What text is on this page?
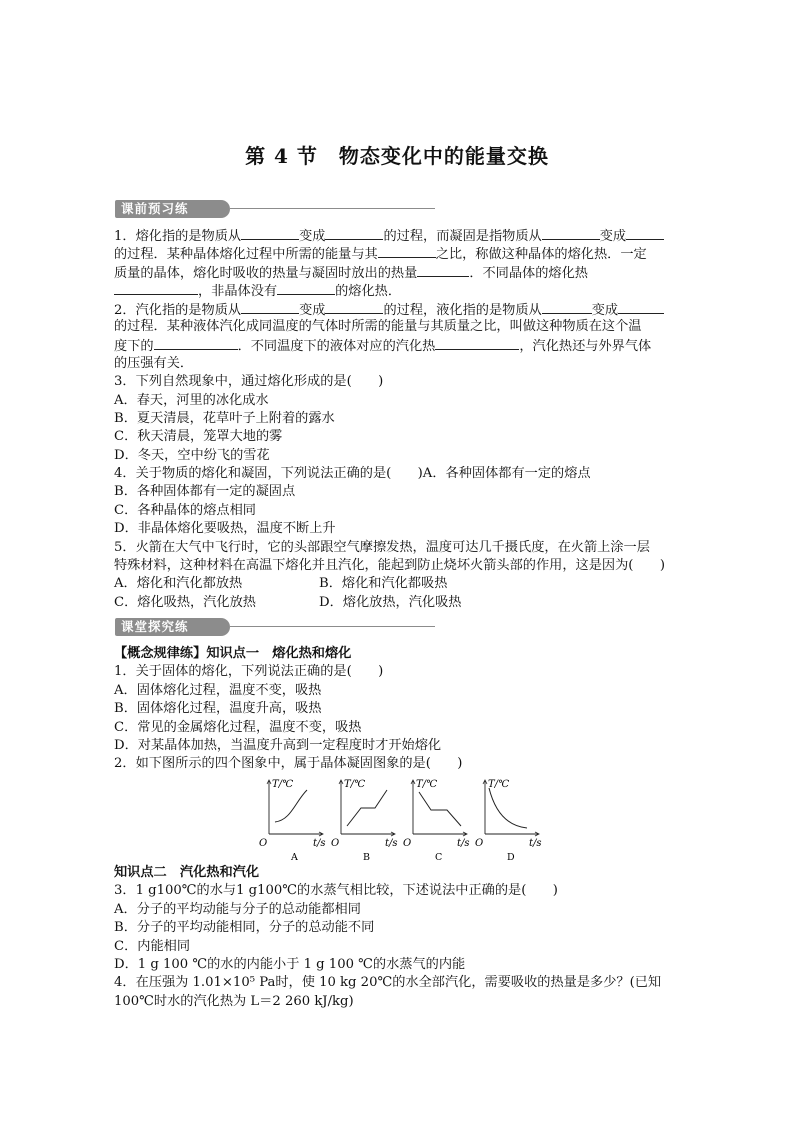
第 4 节　物态变化中的能量交换
课前预习练
1．熔化指的是物质从	变成	的过程，而凝固是指物质从	变成
的过程．某种晶体熔化过程中所需的能量与其	之比，称做这种晶体的熔化热．一定
质量的晶体，熔化时吸收的热量与凝固时放出的热量	．不同晶体的熔化热
，非晶体没有	的熔化热．
2．汽化指的是物质从	变成	的过程，液化指的是物质从	变成
的过程．某种液体汽化成同温度的气体时所需的能量与其质量之比，叫做这种物质在这个温
度下的	．不同温度下的液体对应的汽化热	，汽化热还与外界气体
的压强有关．
3．下列自然现象中，通过熔化形成的是(　　)
A．春天，河里的冰化成水
B．夏天清晨，花草叶子上附着的露水
C．秋天清晨，笼罩大地的雾
D．冬天，空中纷飞的雪花
4．关于物质的熔化和凝固，下列说法正确的是(　　)A．各种固体都有一定的熔点
B．各种固体都有一定的凝固点
C．各种晶体的熔点相同
D．非晶体熔化要吸热，温度不断上升
5．火箭在大气中飞行时，它的头部跟空气摩擦发热，温度可达几千摄氏度，在火箭上涂一层
特殊材料，这种材料在高温下熔化并且汽化，能起到防止烧坏火箭头部的作用，这是因为(　　)
A．熔化和汽化都放热	B．熔化和汽化都吸热
C．熔化吸热，汽化放热	D．熔化放热，汽化吸热
课堂探究练
【概念规律练】知识点一　熔化热和熔化
1．关于固体的熔化，下列说法正确的是(　　)
A．固体熔化过程，温度不变，吸热
B．固体熔化过程，温度升高，吸热
C．常见的金属熔化过程，温度不变，吸热
D．对某晶体加热，当温度升高到一定程度时才开始熔化
2．如下图所示的四个图象中，属于晶体凝固图象的是(　　)
T/℃
t/s
O
A
T/℃
t/s
O
B
T/℃
t/s
O
C
T/℃
t/s
O
D
知识点二　汽化热和汽化
3．1 g100℃的水与1 g100℃的水蒸气相比较，下述说法中正确的是(　　)
A．分子的平均动能与分子的总动能都相同
B．分子的平均动能相同，分子的总动能不同
C．内能相同
D．1 g 100 ℃的水的内能小于 1 g 100 ℃的水蒸气的内能
4．在压强为 1.01×10⁵ Pa时，使 10 kg 20℃的水全部汽化，需要吸收的热量是多少？(已知
100℃时水的汽化热为 L＝2 260 kJ/kg)
